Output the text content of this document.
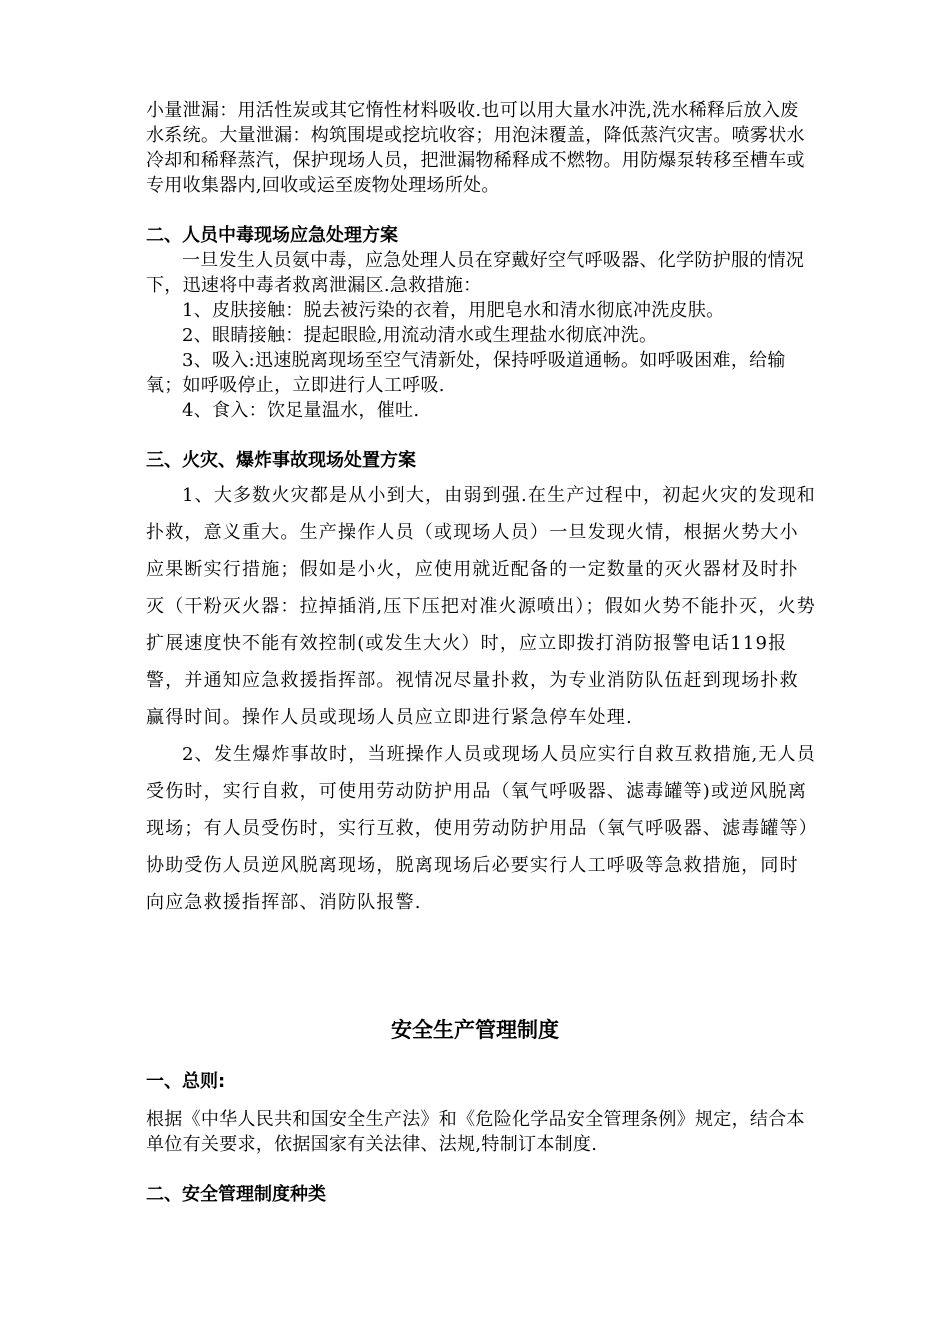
小量泄漏：用活性炭或其它惰性材料吸收.也可以用大量水冲洗,洗水稀释后放入废水系统。大量泄漏：构筑围堤或挖坑收容；用泡沫覆盖，降低蒸汽灾害。喷雾状水冷却和稀释蒸汽，保护现场人员，把泄漏物稀释成不燃物。用防爆泵转移至槽车或专用收集器内,回收或运至废物处理场所处。

二、人员中毒现场应急处理方案

一旦发生人员氨中毒，应急处理人员在穿戴好空气呼吸器、化学防护服的情况下，迅速将中毒者救离泄漏区.急救措施：

1、皮肤接触：脱去被污染的衣着，用肥皂水和清水彻底冲洗皮肤。

2、眼睛接触：提起眼睑,用流动清水或生理盐水彻底冲洗。

3、吸入:迅速脱离现场至空气清新处，保持呼吸道通畅。如呼吸困难，给输氧；如呼吸停止，立即进行人工呼吸.

4、食入：饮足量温水，催吐.

三、火灾、爆炸事故现场处置方案

1、大多数火灾都是从小到大，由弱到强.在生产过程中，初起火灾的发现和扑救，意义重大。生产操作人员（或现场人员）一旦发现火情，根据火势大小应果断实行措施；假如是小火，应使用就近配备的一定数量的灭火器材及时扑灭（干粉灭火器：拉掉插消,压下压把对准火源喷出）；假如火势不能扑灭，火势扩展速度快不能有效控制(或发生大火）时，应立即拨打消防报警电话119报警，并通知应急救援指挥部。视情况尽量扑救，为专业消防队伍赶到现场扑救赢得时间。操作人员或现场人员应立即进行紧急停车处理.

2、发生爆炸事故时，当班操作人员或现场人员应实行自救互救措施,无人员受伤时，实行自救，可使用劳动防护用品（氧气呼吸器、滤毒罐等)或逆风脱离现场；有人员受伤时，实行互救，使用劳动防护用品（氧气呼吸器、滤毒罐等）协助受伤人员逆风脱离现场，脱离现场后必要实行人工呼吸等急救措施，同时向应急救援指挥部、消防队报警.

安全生产管理制度
一、总则:

根据《中华人民共和国安全生产法》和《危险化学品安全管理条例》规定，结合本单位有关要求，依据国家有关法律、法规,特制订本制度.

二、安全管理制度种类
